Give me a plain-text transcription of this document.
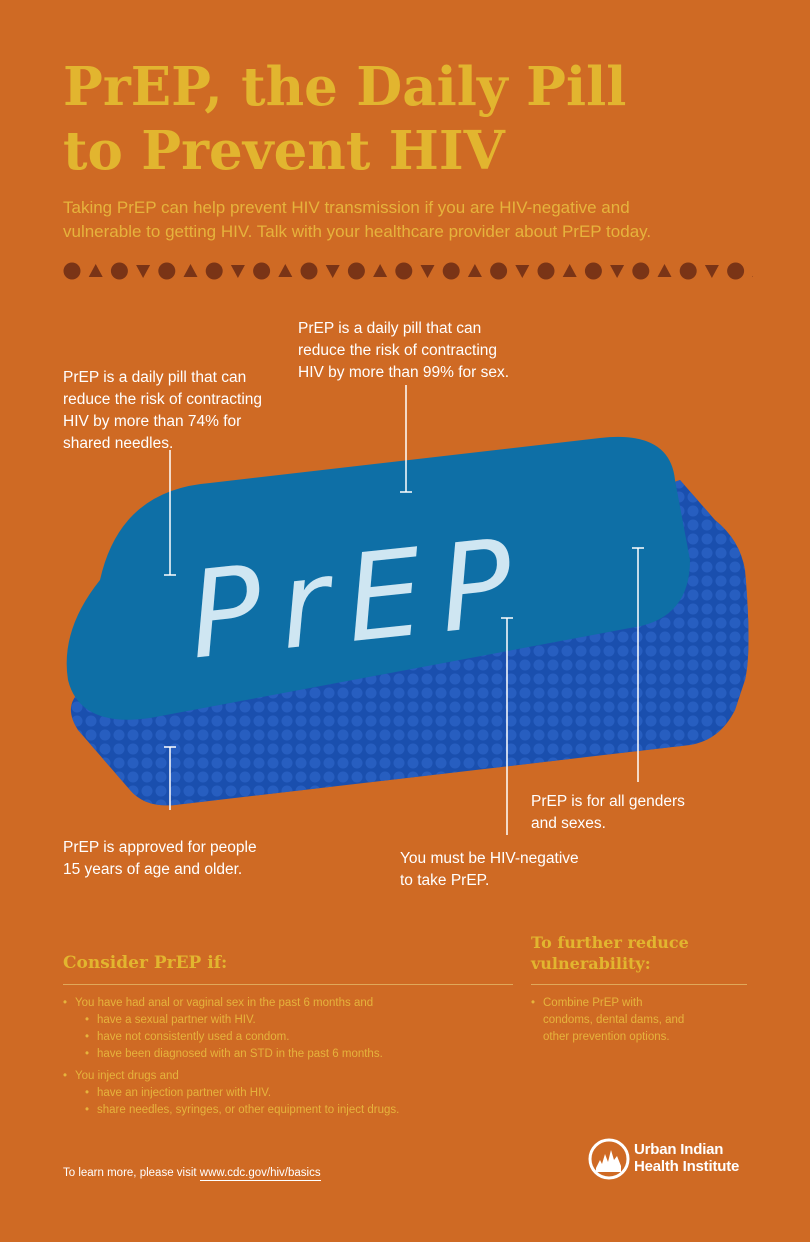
PrEP, the Daily Pill
to Prevent HIV

Taking PrEP can help prevent HIV transmission if you are HIV-negative and
vulnerable to getting HIV. Talk with your healthcare provider about PrEP today.

PrEP

PrEP is a daily pill that can
reduce the risk of contracting
HIV by more than 74% for
shared needles.

PrEP is a daily pill that can
reduce the risk of contracting
HIV by more than 99% for sex.

PrEP is approved for people
15 years of age and older.

You must be HIV-negative
to take PrEP.

PrEP is for all genders
and sexes.

Consider PrEP if:
• You have had anal or vaginal sex in the past 6 months and
• have a sexual partner with HIV.
• have not consistently used a condom.
• have been diagnosed with an STD in the past 6 months.
• You inject drugs and
• have an injection partner with HIV.
• share needles, syringes, or other equipment to inject drugs.
To further reduce
vulnerability:
• Combine PrEP with
condoms, dental dams, and
other prevention options.
To learn more, please visit www.cdc.gov/hiv/basics
Urban Indian
Health Institute
